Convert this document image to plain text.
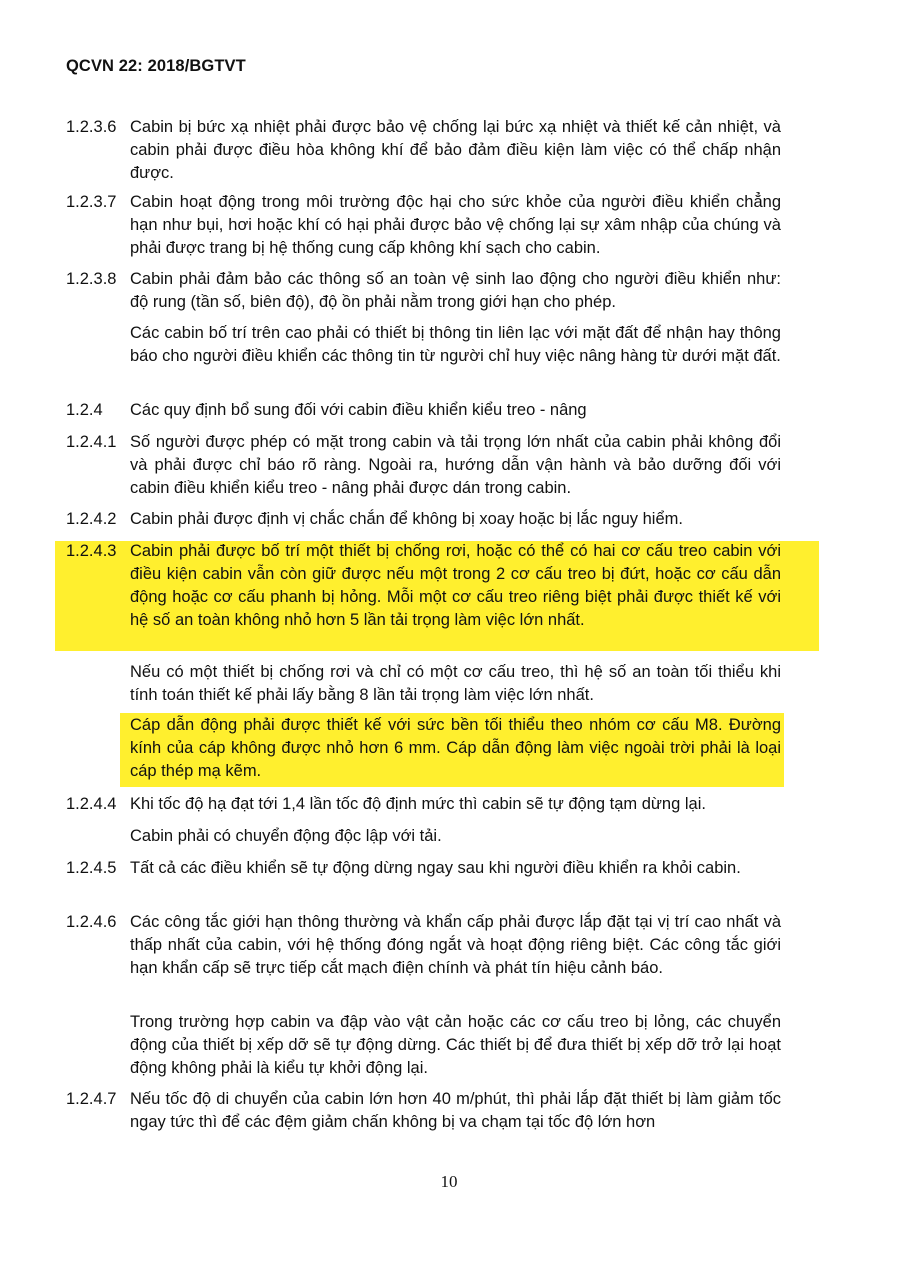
QCVN 22: 2018/BGTVT
1.2.3.6 Cabin bị bức xạ nhiệt phải được bảo vệ chống lại bức xạ nhiệt và thiết kế cản nhiệt, và cabin phải được điều hòa không khí để bảo đảm điều kiện làm việc có thể chấp nhận được.
1.2.3.7 Cabin hoạt động trong môi trường độc hại cho sức khỏe của người điều khiển chẳng hạn như bụi, hơi hoặc khí có hại phải được bảo vệ chống lại sự xâm nhập của chúng và phải được trang bị hệ thống cung cấp không khí sạch cho cabin.
1.2.3.8 Cabin phải đảm bảo các thông số an toàn vệ sinh lao động cho người điều khiển như: độ rung (tần số, biên độ), độ ồn phải nằm trong giới hạn cho phép.
Các cabin bố trí trên cao phải có thiết bị thông tin liên lạc với mặt đất để nhận hay thông báo cho người điều khiển các thông tin từ người chỉ huy việc nâng hàng từ dưới mặt đất.
1.2.4 Các quy định bổ sung đối với cabin điều khiển kiểu treo - nâng
1.2.4.1 Số người được phép có mặt trong cabin và tải trọng lớn nhất của cabin phải không đổi và phải được chỉ báo rõ ràng. Ngoài ra, hướng dẫn vận hành và bảo dưỡng đối với cabin điều khiển kiểu treo - nâng phải được dán trong cabin.
1.2.4.2 Cabin phải được định vị chắc chắn để không bị xoay hoặc bị lắc nguy hiểm.
1.2.4.3 Cabin phải được bố trí một thiết bị chống rơi, hoặc có thể có hai cơ cấu treo cabin với điều kiện cabin vẫn còn giữ được nếu một trong 2 cơ cấu treo bị đứt, hoặc cơ cấu dẫn động hoặc cơ cấu phanh bị hỏng. Mỗi một cơ cấu treo riêng biệt phải được thiết kế với hệ số an toàn không nhỏ hơn 5 lần tải trọng làm việc lớn nhất.
Nếu có một thiết bị chống rơi và chỉ có một cơ cấu treo, thì hệ số an toàn tối thiểu khi tính toán thiết kế phải lấy bằng 8 lần tải trọng làm việc lớn nhất.
Cáp dẫn động phải được thiết kế với sức bền tối thiểu theo nhóm cơ cấu M8. Đường kính của cáp không được nhỏ hơn 6 mm. Cáp dẫn động làm việc ngoài trời phải là loại cáp thép mạ kẽm.
1.2.4.4 Khi tốc độ hạ đạt tới 1,4 lần tốc độ định mức thì cabin sẽ tự động tạm dừng lại.
Cabin phải có chuyển động độc lập với tải.
1.2.4.5 Tất cả các điều khiển sẽ tự động dừng ngay sau khi người điều khiển ra khỏi cabin.
1.2.4.6 Các công tắc giới hạn thông thường và khẩn cấp phải được lắp đặt tại vị trí cao nhất và thấp nhất của cabin, với hệ thống đóng ngắt và hoạt động riêng biệt. Các công tắc giới hạn khẩn cấp sẽ trực tiếp cắt mạch điện chính và phát tín hiệu cảnh báo.
Trong trường hợp cabin va đập vào vật cản hoặc các cơ cấu treo bị lỏng, các chuyển động của thiết bị xếp dỡ sẽ tự động dừng. Các thiết bị để đưa thiết bị xếp dỡ trở lại hoạt động không phải là kiểu tự khởi động lại.
1.2.4.7 Nếu tốc độ di chuyển của cabin lớn hơn 40 m/phút, thì phải lắp đặt thiết bị làm giảm tốc ngay tức thì để các đệm giảm chấn không bị va chạm tại tốc độ lớn hơn
10
